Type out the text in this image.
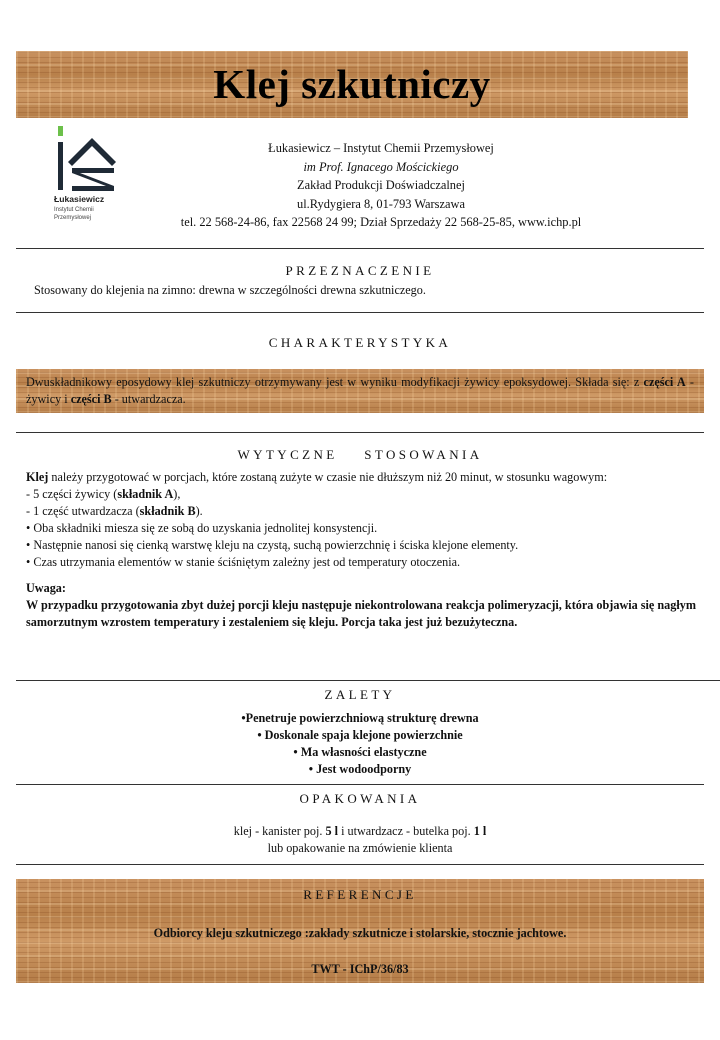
Klej szkutniczy
Łukasiewicz
Instytut Chemii
Przemysłowej
Łukasiewicz – Instytut Chemii Przemysłowej
im Prof. Ignacego Mościckiego
Zakład Produkcji Doświadczalnej
ul.Rydygiera 8, 01-793 Warszawa
tel. 22 568-24-86, fax 22568 24 99; Dział Sprzedaży 22 568-25-85, www.ichp.pl
PRZEZNACZENIE
Stosowany do klejenia na zimno: drewna w szczególności drewna szkutniczego.
CHARAKTERYSTYKA
Dwuskładnikowy eposydowy klej szkutniczy otrzymywany jest w wyniku modyfikacji żywicy epoksydowej. Składa się: z części A - żywicy i części B - utwardzacza.
WYTYCZNE    STOSOWANIA

Klej należy przygotować w porcjach, które zostaną zużyte w czasie nie dłuższym niż 20 minut, w stosunku wagowym:

- 5 części żywicy (składnik A),

- 1 część utwardzacza (składnik B).

• Oba składniki miesza się ze sobą do uzyskania jednolitej konsystencji.

• Następnie nanosi się cienką warstwę kleju na czystą, suchą powierzchnię i ściska klejone elementy.

• Czas utrzymania elementów w stanie ściśniętym zależny jest od temperatury otoczenia.

Uwaga:

W przypadku przygotowania zbyt dużej porcji kleju następuje niekontrolowana reakcja polimeryzacji, która objawia się nagłym samorzutnym wzrostem temperatury i zestaleniem się kleju. Porcja taka jest już bezużyteczna.

ZALETY
•Penetruje powierzchniową strukturę drewna
• Doskonale spaja klejone powierzchnie
• Ma własności elastyczne
• Jest wodoodporny
OPAKOWANIA
klej - kanister poj. 5 l i utwardzacz - butelka poj. 1 l
lub opakowanie na zmówienie klienta
REFERENCJE
Odbiorcy kleju szkutniczego :zakłady szkutnicze i stolarskie, stocznie jachtowe.
TWT - IChP/36/83
